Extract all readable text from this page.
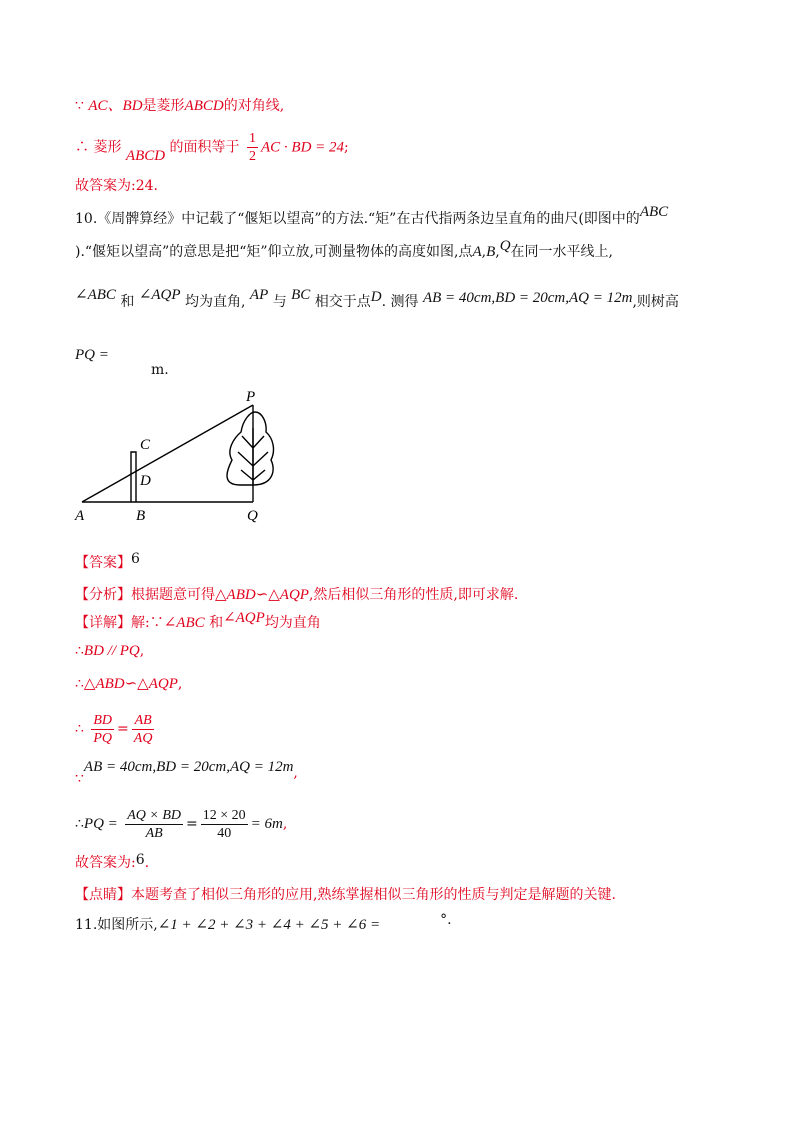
∵ AC、BD是菱形ABCD的对角线,
∴ 菱形 ABCD 的面积等于 $\frac{1}{2}$ AC · BD = 24;
故答案为:24.
10.《周髀算经》中记载了“偃矩以望高”的方法.“矩”在古代指两条边呈直角的曲尺(即图中的ABC
).“偃矩以望高”的意思是把“矩”仰立放,可测量物体的高度如图,点A,B,Q在同一水平线上,
∠ABC 和 ∠AQP 均为直角, AP 与 BC 相交于点D. 测得 AB = 40cm,BD = 20cm,AQ = 12m,则树高
PQ =
m.
P
C
D
A	B	Q
【答案】6
【分析】根据题意可得△ABD∽△AQP,然后相似三角形的性质,即可求解.
【详解】解:∵∠ABC 和∠AQP均为直角
∴BD // PQ,
∴△ABD∽△AQP,
∴ $\frac{BD}{PQ} = \frac{AB}{AQ}$
∵AB = 40cm,BD = 20cm,AQ = 12m,
∴PQ = $\frac{AQ \times BD}{AB} = \frac{12 \times 20}{40} = 6m$,
故答案为:6.
【点睛】本题考查了相似三角形的应用,熟练掌握相似三角形的性质与判定是解题的关键.
11.如图所示,∠1 + ∠2 + ∠3 + ∠4 + ∠5 + ∠6 =	°.
